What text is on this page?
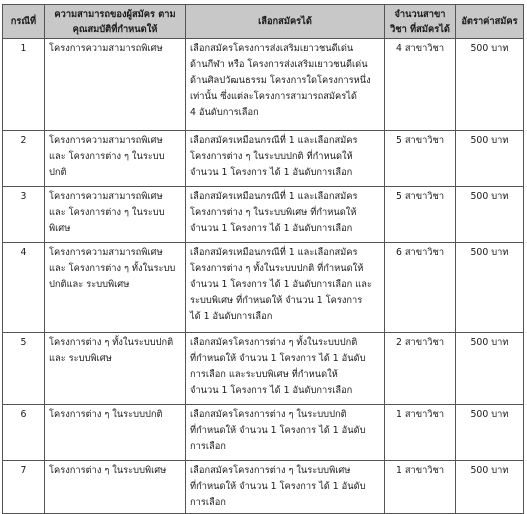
กรณีที่	ความสามารถของผู้สมัคร ตามคุณสมบัติที่กำหนดให้	เลือกสมัครได้	จำนวนสาขาวิชา ที่สมัครได้	อัตราค่าสมัคร
1	โครงการความสามารถพิเศษ	เลือกสมัครโครงการส่งเสริมเยาวชนดีเด่น
ด้านกีฬา หรือ โครงการส่งเสริมเยาวชนดีเด่น
ด้านศิลปวัฒนธรรม โครงการใดโครงการหนึ่ง
เท่านั้น ซึ่งแต่ละโครงการสามารถสมัครได้
4 อันดับการเลือก	4 สาขาวิชา	500 บาท
2	โครงการความสามารถพิเศษ และ โครงการต่าง ๆ ในระบบปกติ	เลือกสมัครเหมือนกรณีที่ 1 และเลือกสมัคร
โครงการต่าง ๆ ในระบบปกติ ที่กำหนดให้
จำนวน 1 โครงการ ได้ 1 อันดับการเลือก	5 สาขาวิชา	500 บาท
3	โครงการความสามารถพิเศษ และ โครงการต่าง ๆ ในระบบพิเศษ	เลือกสมัครเหมือนกรณีที่ 1 และเลือกสมัคร
โครงการต่าง ๆ ในระบบพิเศษ ที่กำหนดให้
จำนวน 1 โครงการ ได้ 1 อันดับการเลือก	5 สาขาวิชา	500 บาท
4	โครงการความสามารถพิเศษ และ โครงการต่าง ๆ ทั้งในระบบปกติและ ระบบพิเศษ	เลือกสมัครเหมือนกรณีที่ 1 และเลือกสมัคร
โครงการต่าง ๆ ทั้งในระบบปกติ ที่กำหนดให้
จำนวน 1 โครงการ ได้ 1 อันดับการเลือก และ
ระบบพิเศษ ที่กำหนดให้ จำนวน 1 โครงการ
ได้ 1 อันดับการเลือก	6 สาขาวิชา	500 บาท
5	โครงการต่าง ๆ ทั้งในระบบปกติและ ระบบพิเศษ	เลือกสมัครโครงการต่าง ๆ ทั้งในระบบปกติ
ที่กำหนดให้ จำนวน 1 โครงการ ได้ 1 อันดับ
การเลือก และระบบพิเศษ ที่กำหนดให้
จำนวน 1 โครงการ ได้ 1 อันดับการเลือก	2 สาขาวิชา	500 บาท
6	โครงการต่าง ๆ ในระบบปกติ	เลือกสมัครโครงการต่าง ๆ ในระบบปกติ
ที่กำหนดให้ จำนวน 1 โครงการ ได้ 1 อันดับ
การเลือก	1 สาขาวิชา	500 บาท
7	โครงการต่าง ๆ ในระบบพิเศษ	เลือกสมัครโครงการต่าง ๆ ในระบบพิเศษ
ที่กำหนดให้ จำนวน 1 โครงการ ได้ 1 อันดับ
การเลือก	1 สาขาวิชา	500 บาท
